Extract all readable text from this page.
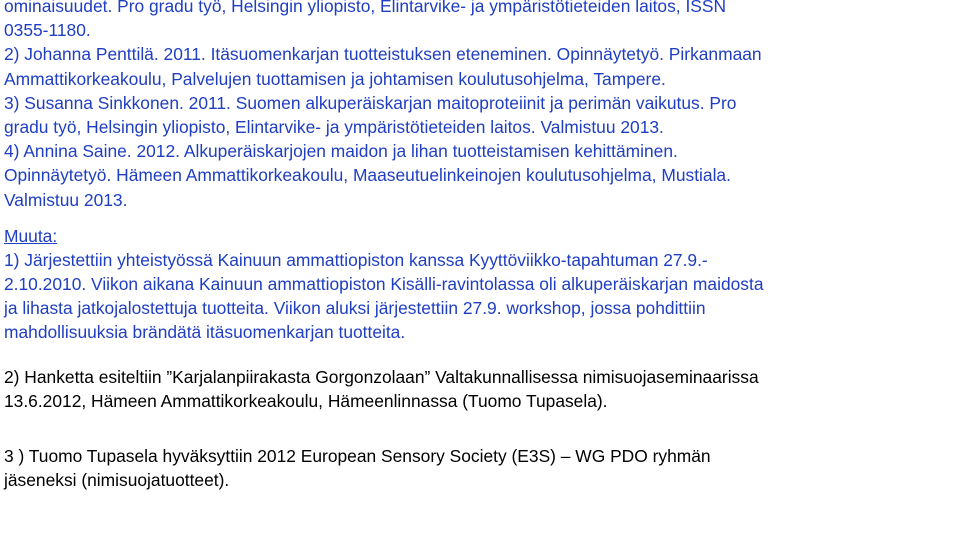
ominaisuudet. Pro gradu työ, Helsingin yliopisto, Elintarvike- ja ympäristötieteiden laitos, ISSN
0355-1180.
2) Johanna Penttilä. 2011. Itäsuomenkarjan tuotteistuksen eteneminen. Opinnäytetyö. Pirkanmaan
Ammattikorkeakoulu, Palvelujen tuottamisen ja johtamisen koulutusohjelma, Tampere.
3) Susanna Sinkkonen. 2011. Suomen alkuperäiskarjan maitoproteiinit ja perimän vaikutus. Pro
gradu työ, Helsingin yliopisto, Elintarvike- ja ympäristötieteiden laitos. Valmistuu 2013.
4) Annina Saine. 2012. Alkuperäiskarjojen maidon ja lihan tuotteistamisen kehittäminen.
Opinnäytetyö. Hämeen Ammattikorkeakoulu, Maaseutuelinkeinojen koulutusohjelma, Mustiala.
Valmistuu 2013.
Muuta:
1) Järjestettiin yhteistyössä Kainuun ammattiopiston kanssa Kyyttöviikko-tapahtuman 27.9.-
2.10.2010. Viikon aikana Kainuun ammattiopiston Kisälli-ravintolassa oli alkuperäiskarjan maidosta
ja lihasta jatkojalostettuja tuotteita. Viikon aluksi järjestettiin 27.9. workshop, jossa pohdittiin
mahdollisuuksia brändätä itäsuomenkarjan tuotteita.
2) Hanketta esiteltiin ”Karjalanpiirakasta Gorgonzolaan” Valtakunnallisessa nimisuojaseminaarissa
13.6.2012, Hämeen Ammattikorkeakoulu, Hämeenlinnassa (Tuomo Tupasela).
3 ) Tuomo Tupasela hyväksyttiin 2012 European Sensory Society (E3S) – WG PDO ryhmän
jäseneksi (nimisuojatuotteet).
